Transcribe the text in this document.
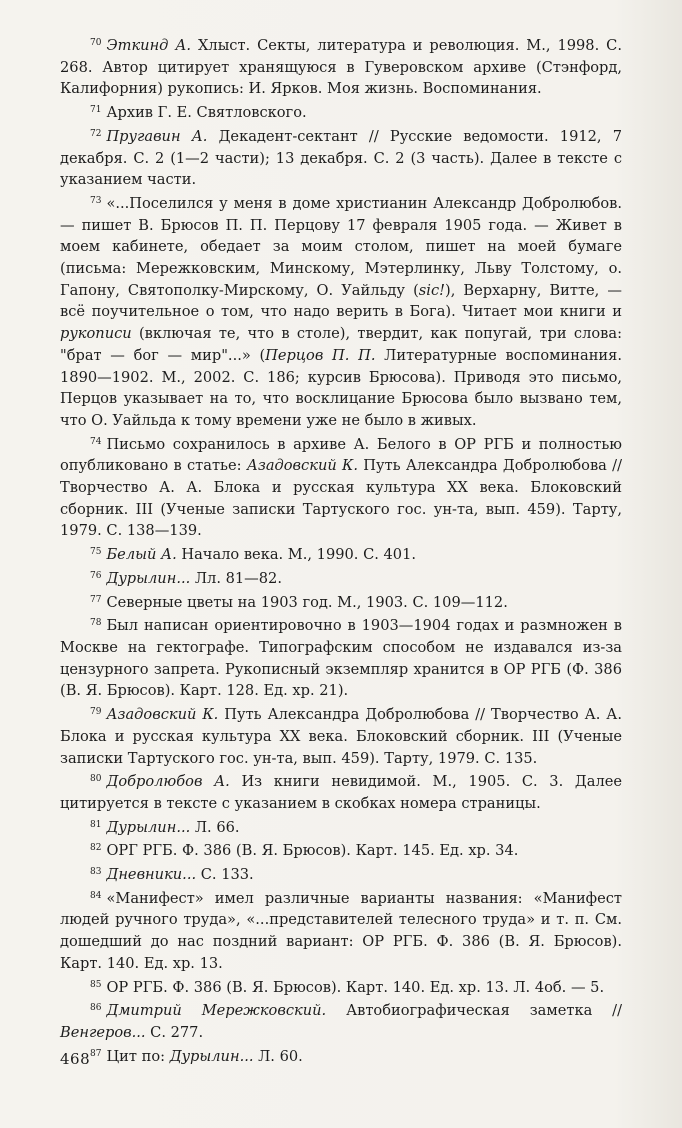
$^{70}$ Эткинд А. Хлыст. Секты, литература и революция. М., 1998. С. 268. Автор цитирует хранящуюся в Гуверовском архиве (Стэнфорд, Калифорния) рукопись: И. Ярков. Моя жизнь. Воспоминания.

$^{71}$ Архив Г. Е. Святловского.

$^{72}$ Пругавин А. Декадент-сектант // Русские ведомости. 1912, 7 декабря. С. 2 (1—2 части); 13 декабря. С. 2 (3 часть). Далее в тексте с указанием части.

$^{73}$ «...Поселился у меня в доме христианин Александр Добролюбов. — пишет В. Брюсов П. П. Перцову 17 февраля 1905 года. — Живет в моем кабинете, обедает за моим столом, пишет на моей бумаге (письма: Мережковским, Минскому, Мэтерлинку, Льву Толстому, о. Гапону, Святополку-Мирскому, О. Уайльду (sic!), Верхарну, Витте, — всё поучительное о том, что надо верить в Бога). Читает мои книги и рукописи (включая те, что в столе), твердит, как попугай, три слова: "брат — бог — мир"...» (Перцов П. П. Литературные воспоминания. 1890—1902. М., 2002. С. 186; курсив Брюсова). Приводя это письмо, Перцов указывает на то, что восклицание Брюсова было вызвано тем, что О. Уайльда к тому времени уже не было в живых.

$^{74}$ Письмо сохранилось в архиве А. Белого в ОР РГБ и полностью опубликовано в статье: Азадовский К. Путь Александра Добролюбова // Творчество А. А. Блока и русская культура XX века. Блоковский сборник. III (Ученые записки Тартуского гос. ун-та, вып. 459). Тарту, 1979. С. 138—139.

$^{75}$ Белый А. Начало века. М., 1990. С. 401.

$^{76}$ Дурылин... Лл. 81—82.

$^{77}$ Северные цветы на 1903 год. М., 1903. С. 109—112.

$^{78}$ Был написан ориентировочно в 1903—1904 годах и размножен в Москве на гектографе. Типографским способом не издавался из-за цензурного запрета. Рукописный экземпляр хранится в ОР РГБ (Ф. 386 (В. Я. Брюсов). Карт. 128. Ед. хр. 21).

$^{79}$ Азадовский К. Путь Александра Добролюбова // Творчество А. А. Блока и русская культура XX века. Блоковский сборник. III (Ученые записки Тартуского гос. ун-та, вып. 459). Тарту, 1979. С. 135.

$^{80}$ Добролюбов А. Из книги невидимой. М., 1905. С. 3. Далее цитируется в тексте с указанием в скобках номера страницы.

$^{81}$ Дурылин... Л. 66.

$^{82}$ ОРГ РГБ. Ф. 386 (В. Я. Брюсов). Карт. 145. Ед. хр. 34.

$^{83}$ Дневники... С. 133.

$^{84}$ «Манифест» имел различные варианты названия: «Манифест людей ручного труда», «...представителей телесного труда» и т. п. См. дошедший до нас поздний вариант: ОР РГБ. Ф. 386 (В. Я. Брюсов). Карт. 140. Ед. хр. 13.

$^{85}$ ОР РГБ. Ф. 386 (В. Я. Брюсов). Карт. 140. Ед. хр. 13. Л. 4об. — 5.

$^{86}$ Дмитрий Мережковский. Автобиографическая заметка // Венгеров... С. 277.

$^{87}$ Цит по: Дурылин... Л. 60.

468
